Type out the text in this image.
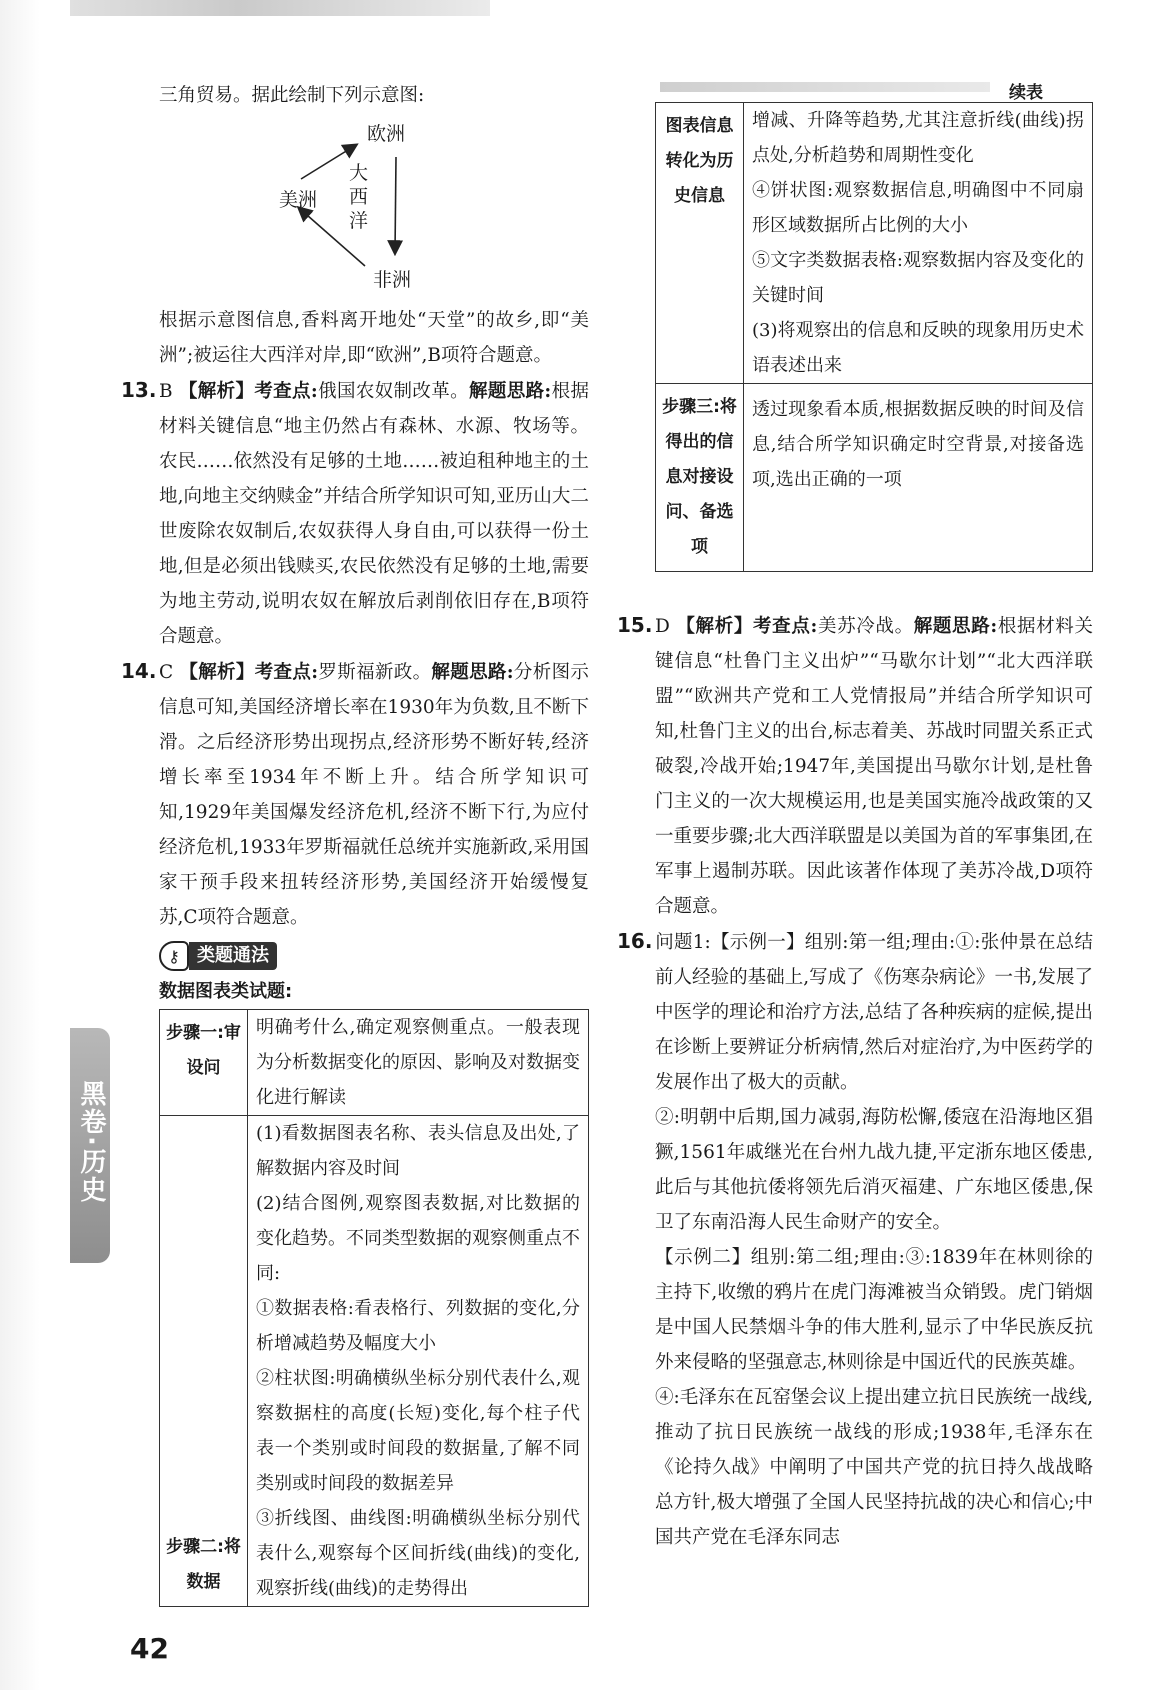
黑卷·历史

三角贸易。据此绘制下列示意图:

欧洲
美洲
非洲
大西洋

根据示意图信息,香料离开地处“天堂”的故乡,即“美洲”;被运往大西洋对岸,即“欧洲”,B项符合题意。

13. B 【解析】考查点:俄国农奴制改革。解题思路:根据材料关键信息“地主仍然占有森林、水源、牧场等。农民……依然没有足够的土地……被迫租种地主的土地,向地主交纳赎金”并结合所学知识可知,亚历山大二世废除农奴制后,农奴获得人身自由,可以获得一份土地,但是必须出钱赎买,农民依然没有足够的土地,需要为地主劳动,说明农奴在解放后剥削依旧存在,B项符合题意。

14. C 【解析】考查点:罗斯福新政。解题思路:分析图示信息可知,美国经济增长率在1930年为负数,且不断下滑。之后经济形势出现拐点,经济形势不断好转,经济增长率至1934年不断上升。结合所学知识可知,1929年美国爆发经济危机,经济不断下行,为应付经济危机,1933年罗斯福就任总统并实施新政,采用国家干预手段来扭转经济形势,美国经济开始缓慢复苏,C项符合题意。

⚷ 类题通法
数据图表类试题:
步骤一:审设问	明确考什么,确定观察侧重点。一般表现为分析数据变化的原因、影响及对数据变化进行解读

步骤二:将数据	(1)看数据图表名称、表头信息及出处,了解数据内容及时间
(2)结合图例,观察图表数据,对比数据的变化趋势。不同类型数据的观察侧重点不同:
①数据表格:看表格行、列数据的变化,分析增减趋势及幅度大小
②柱状图:明确横纵坐标分别代表什么,观察数据柱的高度(长短)变化,每个柱子代表一个类别或时间段的数据量,了解不同类别或时间段的数据差异
③折线图、曲线图:明确横纵坐标分别代表什么,观察每个区间折线(曲线)的变化,观察折线(曲线)的走势得出
续表
图表信息转化为历史信息	增减、升降等趋势,尤其注意折线(曲线)拐点处,分析趋势和周期性变化
④饼状图:观察数据信息,明确图中不同扇形区域数据所占比例的大小
⑤文字类数据表格:观察数据内容及变化的关键时间
(3)将观察出的信息和反映的现象用历史术语表述出来

步骤三:将得出的信息对接设问、备选项	透过现象看本质,根据数据反映的时间及信息,结合所学知识确定时空背景,对接备选项,选出正确的一项

15. D 【解析】考查点:美苏冷战。解题思路:根据材料关键信息“杜鲁门主义出炉”“马歇尔计划”“北大西洋联盟”“欧洲共产党和工人党情报局”并结合所学知识可知,杜鲁门主义的出台,标志着美、苏战时同盟关系正式破裂,冷战开始;1947年,美国提出马歇尔计划,是杜鲁门主义的一次大规模运用,也是美国实施冷战政策的又一重要步骤;北大西洋联盟是以美国为首的军事集团,在军事上遏制苏联。因此该著作体现了美苏冷战,D项符合题意。

16. 问题1:【示例一】组别:第一组;理由:①:张仲景在总结前人经验的基础上,写成了《伤寒杂病论》一书,发展了中医学的理论和治疗方法,总结了各种疾病的症候,提出在诊断上要辨证分析病情,然后对症治疗,为中医药学的发展作出了极大的贡献。

②:明朝中后期,国力减弱,海防松懈,倭寇在沿海地区猖獗,1561年戚继光在台州九战九捷,平定浙东地区倭患,此后与其他抗倭将领先后消灭福建、广东地区倭患,保卫了东南沿海人民生命财产的安全。

【示例二】组别:第二组;理由:③:1839年在林则徐的主持下,收缴的鸦片在虎门海滩被当众销毁。虎门销烟是中国人民禁烟斗争的伟大胜利,显示了中华民族反抗外来侵略的坚强意志,林则徐是中国近代的民族英雄。

④:毛泽东在瓦窑堡会议上提出建立抗日民族统一战线,推动了抗日民族统一战线的形成;1938年,毛泽东在《论持久战》中阐明了中国共产党的抗日持久战战略总方针,极大增强了全国人民坚持抗战的决心和信心;中国共产党在毛泽东同志

42
